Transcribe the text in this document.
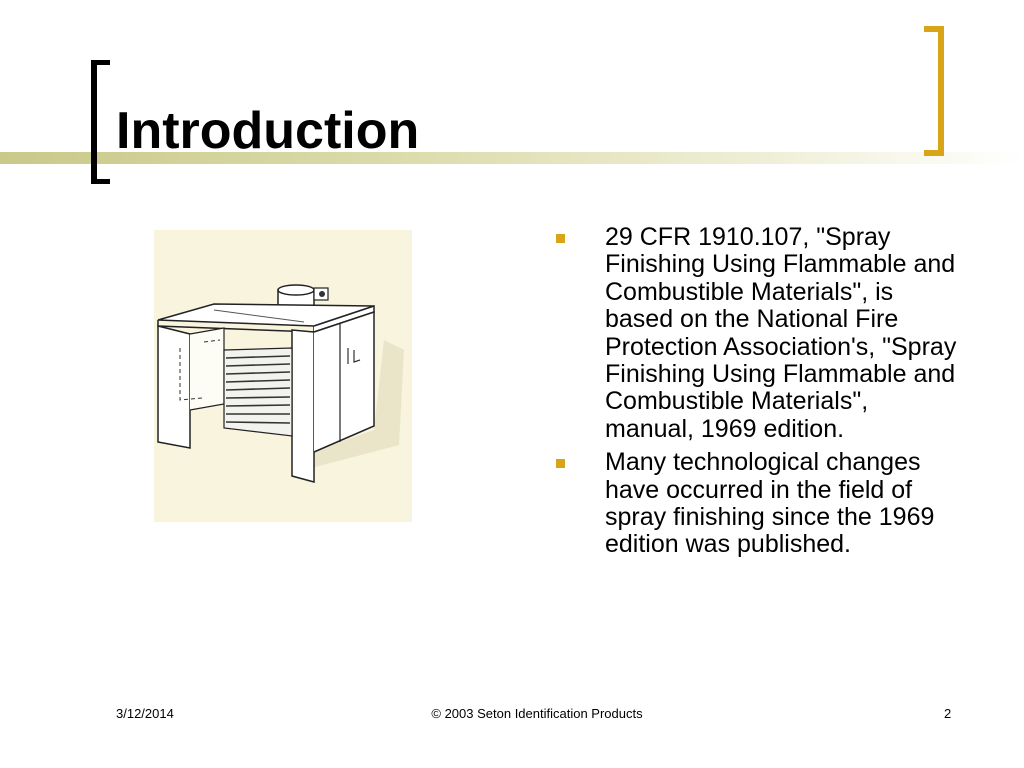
Introduction
29 CFR 1910.107, "Spray Finishing Using Flammable and Combustible Materials", is based on the National Fire Protection Association's, "Spray Finishing Using Flammable and Combustible Materials", manual, 1969 edition.
Many technological changes have occurred in the field of spray finishing since the 1969 edition was published.
3/12/2014	© 2003 Seton Identification Products	2
